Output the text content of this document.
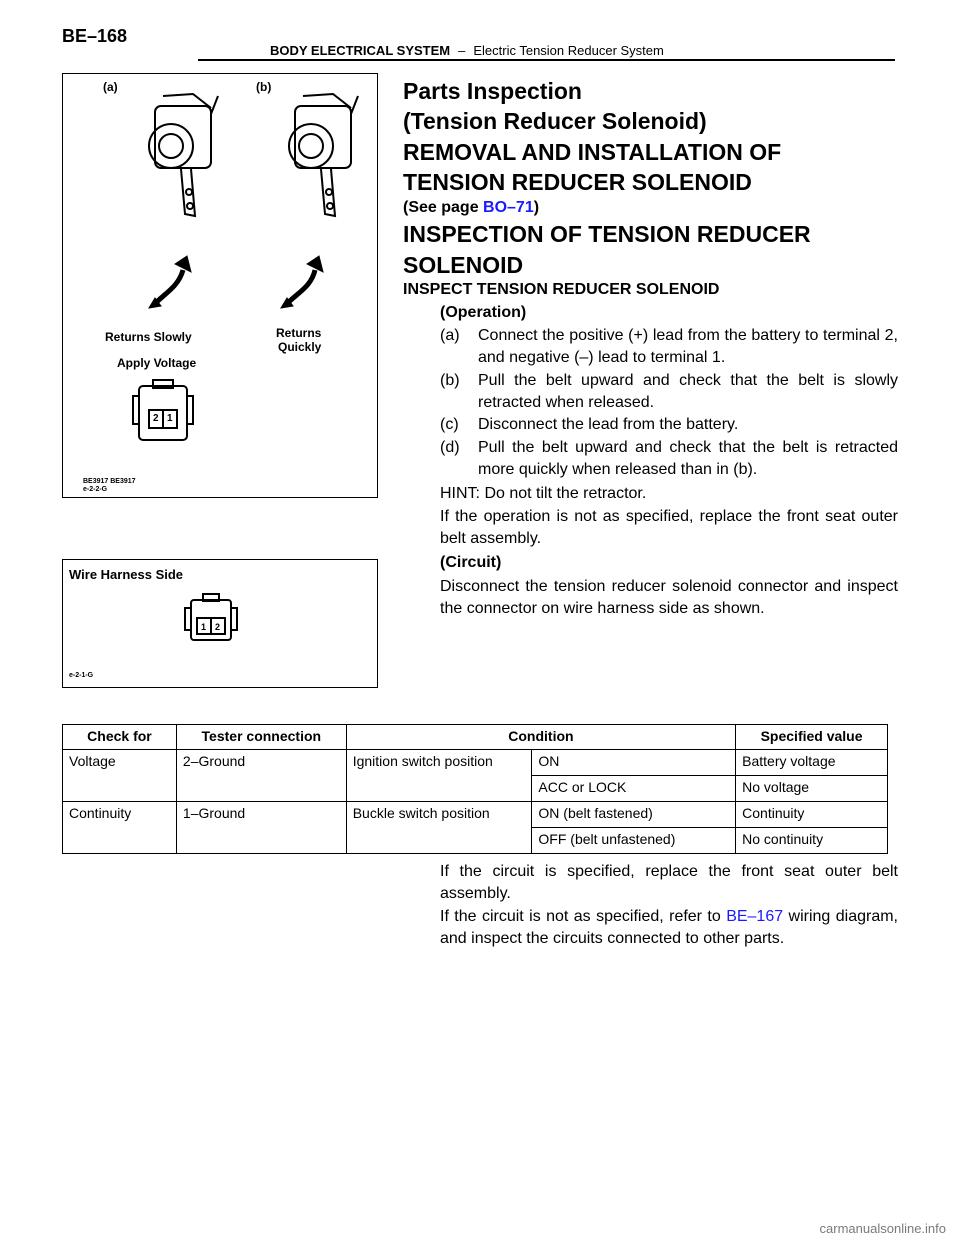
BE–168
BODY ELECTRICAL SYSTEM – Electric Tension Reducer System
(a)	(b)
Returns Slowly	Returns
Quickly
Apply Voltage
2 1
BE3917 BE3917
e-2-2-G
Wire Harness Side
1 2
e-2-1-G
Parts Inspection
(Tension Reducer Solenoid)
REMOVAL AND INSTALLATION OF
TENSION REDUCER SOLENOID
(See page BO–71)
INSPECTION OF TENSION REDUCER
SOLENOID
INSPECT TENSION REDUCER SOLENOID
(Operation)
(a) Connect the positive (+) lead from the battery to terminal 2, and negative (–) lead to terminal 1.
(b) Pull the belt upward and check that the belt is slowly retracted when released.
(c) Disconnect the lead from the battery.
(d) Pull the belt upward and check that the belt is retracted more quickly when released than in (b).
HINT: Do not tilt the retractor.
If the operation is not as specified, replace the front seat outer belt assembly.
(Circuit)
Disconnect the tension reducer solenoid connector and inspect the connector on wire harness side as shown.
Check for	Tester connection	Condition		Specified value
Voltage	2–Ground	Ignition switch position	ON	Battery voltage
			ACC or LOCK	No voltage
Continuity	1–Ground	Buckle switch position	ON (belt fastened)	Continuity
			OFF (belt unfastened)	No continuity
If the circuit is specified, replace the front seat outer belt assembly.
If the circuit is not as specified, refer to BE–167 wiring diagram, and inspect the circuits connected to other parts.
carmanualsonline.info
